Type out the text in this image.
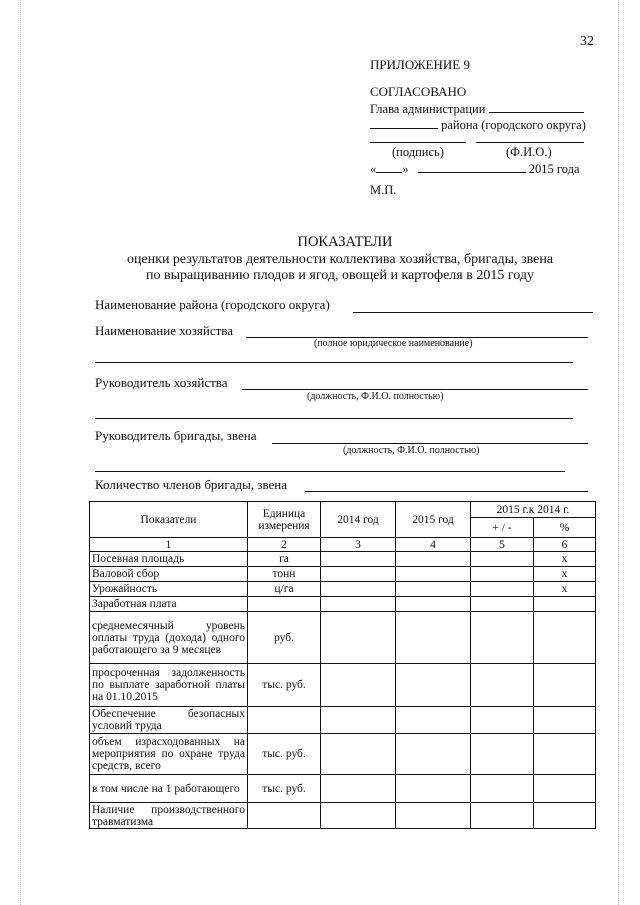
32
ПРИЛОЖЕНИЕ 9
СОГЛАСОВАНО
Глава администрации
района (городского округа)
(подпись)	(Ф.И.О.)
« »	2015 года
М.П.
ПОКАЗАТЕЛИ
оценки результатов деятельности коллектива хозяйства, бригады, звена
по выращиванию плодов и ягод, овощей и картофеля в 2015 году
Наименование района (городского округа)
Наименование хозяйства
(полное юридическое наименование)
Руководитель хозяйства
(должность, Ф.И.О. полностью)
Руководитель бригады, звена
(должность, Ф.И.О. полностью)
Количество членов бригады, звена
Показатели	Единица измерения	2014 год	2015 год	2015 г.к 2014 г.	
				+ / -	%
1	2	3	4	5	6
Посевная площадь	га				х
Валовой сбор	тонн				х
Урожайность	ц/га				х
Заработная плата					
среднемесячный уровень оплаты труда (дохода) одного работающего за 9 месяцев	руб.				
просроченная задолженность по выплате заработной платы на 01.10.2015	тыс. руб.				
Обеспечение безопасных условий труда					
объем израсходованных на мероприятия по охране труда средств, всего	тыс. руб.				
в том числе на 1 работающего	тыс. руб.				
Наличие производственного травматизма					
